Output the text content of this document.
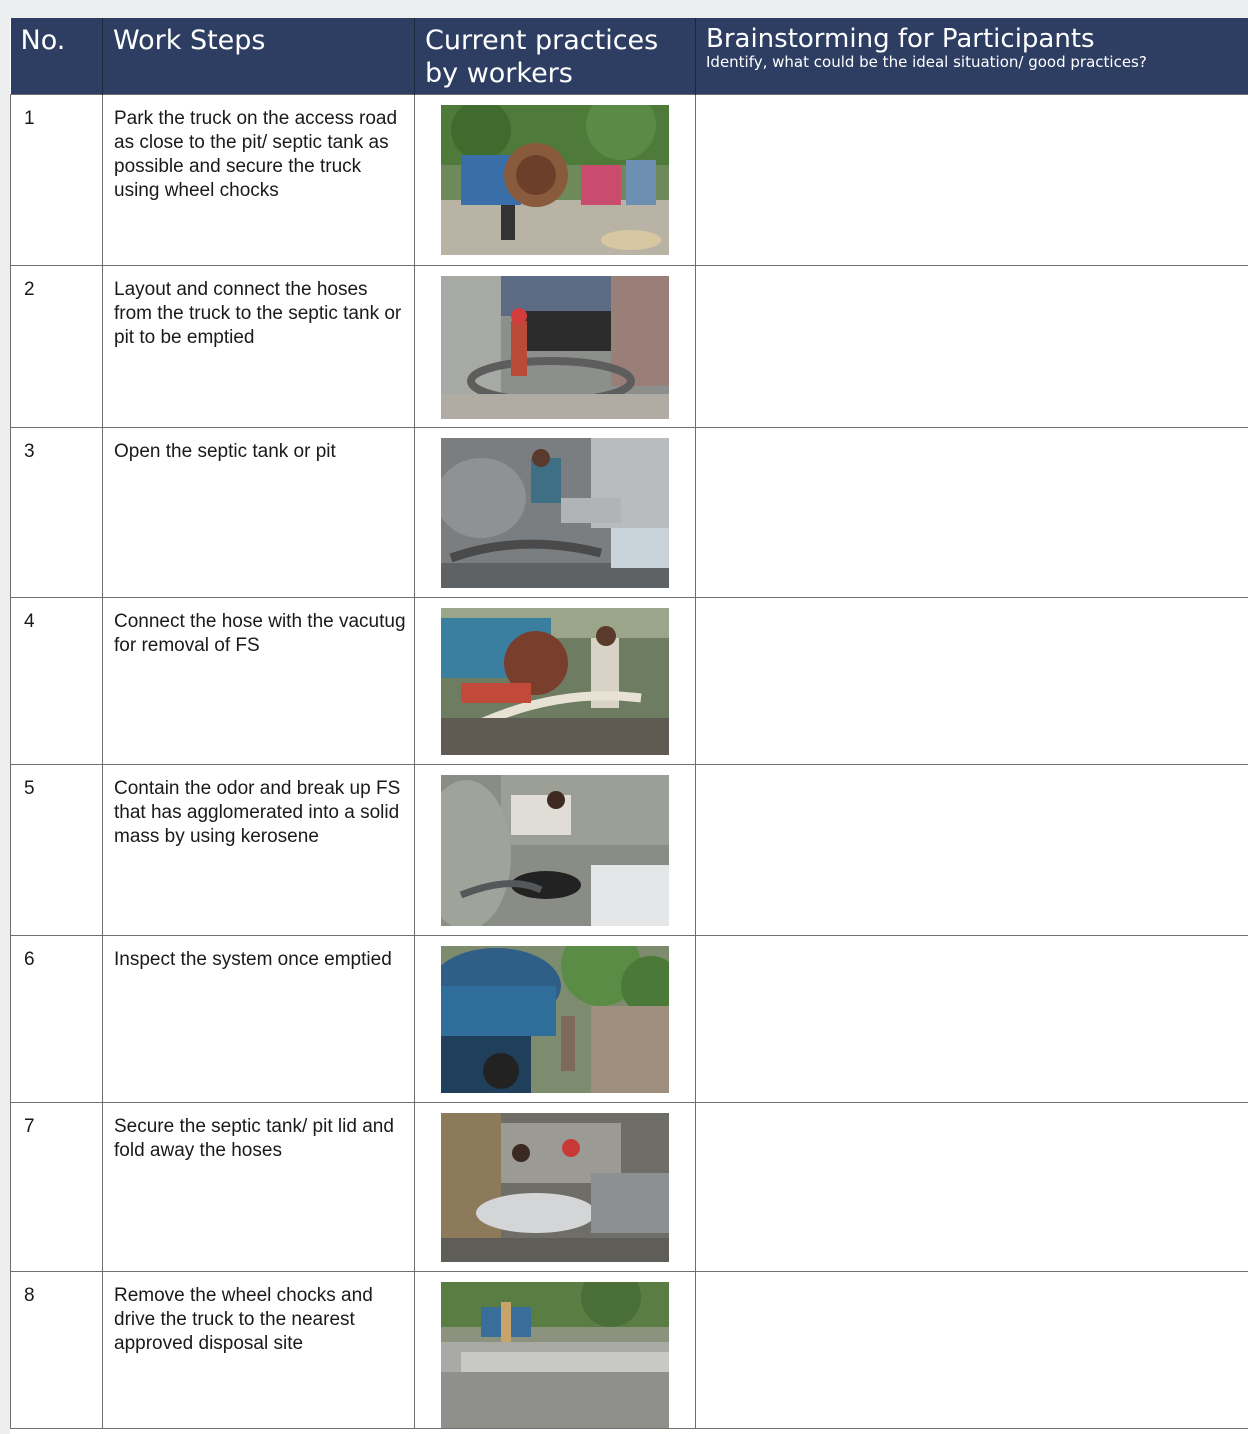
No.	Work Steps	Current practices by workers	Brainstorming for Participants
Identify, what could be the ideal situation/ good practices?

1	Park the truck on the access road as close to the pit/ septic tank as possible and secure the truck using wheel chocks	

2	Layout and connect the hoses from the truck to the septic tank or pit to be emptied	

3	Open the septic tank or pit	

4	Connect the hose with the vacutug for removal of FS	

5	Contain the odor and break up FS that has agglomerated into a solid mass by using kerosene	

6	Inspect the system once emptied	

7	Secure the septic tank/ pit lid and fold away the hoses	

8	Remove the wheel chocks and drive the truck to the nearest approved disposal site	
